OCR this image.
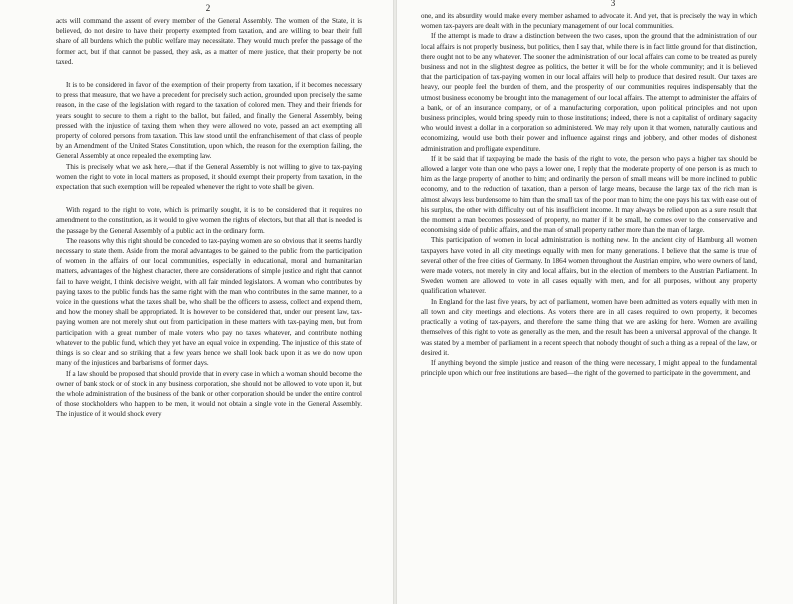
2

acts will command the assent of every member of the General Assembly. The women of the State, it is believed, do not desire to have their property exempted from taxation, and are willing to bear their full share of all burdens which the public welfare may necessitate. They would much prefer the passage of the former act, but if that cannot be passed, they ask, as a matter of mere justice, that their property be not taxed.

It is to be considered in favor of the exemption of their property from taxation, if it becomes necessary to press that measure, that we have a precedent for precisely such action, grounded upon precisely the same reason, in the case of the legislation with regard to the taxation of colored men. They and their friends for years sought to secure to them a right to the ballot, but failed, and finally the General Assembly, being pressed with the injustice of taxing them when they were allowed no vote, passed an act exempting all property of colored persons from taxation. This law stood until the enfranchisement of that class of people by an Amendment of the United States Constitution, upon which, the reason for the exemption failing, the General Assembly at once repealed the exempting law.

This is precisely what we ask here,—that if the General Assembly is not willing to give to tax-paying women the right to vote in local matters as proposed, it should exempt their property from taxation, in the expectation that such exemption will be repealed whenever the right to vote shall be given.

With regard to the right to vote, which is primarily sought, it is to be considered that it requires no amendment to the constitution, as it would to give women the rights of electors, but that all that is needed is the passage by the General Assembly of a public act in the ordinary form.

The reasons why this right should be conceded to tax-paying women are so obvious that it seems hardly necessary to state them. Aside from the moral advantages to be gained to the public from the participation of women in the affairs of our local communities, especially in educational, moral and humanitarian matters, advantages of the highest character, there are considerations of simple justice and right that cannot fail to have weight, I think decisive weight, with all fair minded legislators. A woman who contributes by paying taxes to the public funds has the same right with the man who contributes in the same manner, to a voice in the questions what the taxes shall be, who shall be the officers to assess, collect and expend them, and how the money shall be appropriated. It is however to be considered that, under our present law, tax-paying women are not merely shut out from participation in these matters with tax-paying men, but from participation with a great number of male voters who pay no taxes whatever, and contribute nothing whatever to the public fund, which they yet have an equal voice in expending. The injustice of this state of things is so clear and so striking that a few years hence we shall look back upon it as we do now upon many of the injustices and barbarisms of former days.

If a law should be proposed that should provide that in every case in which a woman should become the owner of bank stock or of stock in any business corporation, she should not be allowed to vote upon it, but the whole administration of the business of the bank or other corporation should be under the entire control of those stockholders who happen to be men, it would not obtain a single vote in the General Assembly. The injustice of it would shock every

3

one, and its absurdity would make every member ashamed to advocate it. And yet, that is precisely the way in which women tax-payers are dealt with in the pecuniary management of our local communities.

If the attempt is made to draw a distinction between the two cases, upon the ground that the administration of our local affairs is not properly business, but politics, then I say that, while there is in fact little ground for that distinction, there ought not to be any whatever. The sooner the administration of our local affairs can come to be treated as purely business and not in the slightest degree as politics, the better it will be for the whole community; and it is believed that the participation of tax-paying women in our local affairs will help to produce that desired result. Our taxes are heavy, our people feel the burden of them, and the prosperity of our communities requires indispensably that the utmost business economy be brought into the management of our local affairs. The attempt to administer the affairs of a bank, or of an insurance company, or of a manufacturing corporation, upon political principles and not upon business principles, would bring speedy ruin to those institutions; indeed, there is not a capitalist of ordinary sagacity who would invest a dollar in a corporation so administered. We may rely upon it that women, naturally cautious and economizing, would use both their power and influence against rings and jobbery, and other modes of dishonest administration and profligate expenditure.

If it be said that if taxpaying be made the basis of the right to vote, the person who pays a higher tax should be allowed a larger vote than one who pays a lower one, I reply that the moderate property of one person is as much to him as the large property of another to him; and ordinarily the person of small means will be more inclined to public economy, and to the reduction of taxation, than a person of large means, because the large tax of the rich man is almost always less burdensome to him than the small tax of the poor man to him; the one pays his tax with ease out of his surplus, the other with difficulty out of his insufficient income. It may always be relied upon as a sure result that the moment a man becomes possessed of property, no matter if it be small, he comes over to the conservative and economising side of public affairs, and the man of small property rather more than the man of large.

This participation of women in local administration is nothing new. In the ancient city of Hamburg all women taxpayers have voted in all city meetings equally with men for many generations. I believe that the same is true of several other of the free cities of Germany. In 1864 women throughout the Austrian empire, who were owners of land, were made voters, not merely in city and local affairs, but in the election of members to the Austrian Parliament. In Sweden women are allowed to vote in all cases equally with men, and for all purposes, without any property qualification whatever.

In England for the last five years, by act of parliament, women have been admitted as voters equally with men in all town and city meetings and elections. As voters there are in all cases required to own property, it becomes practically a voting of tax-payers, and therefore the same thing that we are asking for here. Women are availing themselves of this right to vote as generally as the men, and the result has been a universal approval of the change. It was stated by a member of parliament in a recent speech that nobody thought of such a thing as a repeal of the law, or desired it.

If anything beyond the simple justice and reason of the thing were necessary, I might appeal to the fundamental principle upon which our free institutions are based—the right of the governed to participate in the government, and
